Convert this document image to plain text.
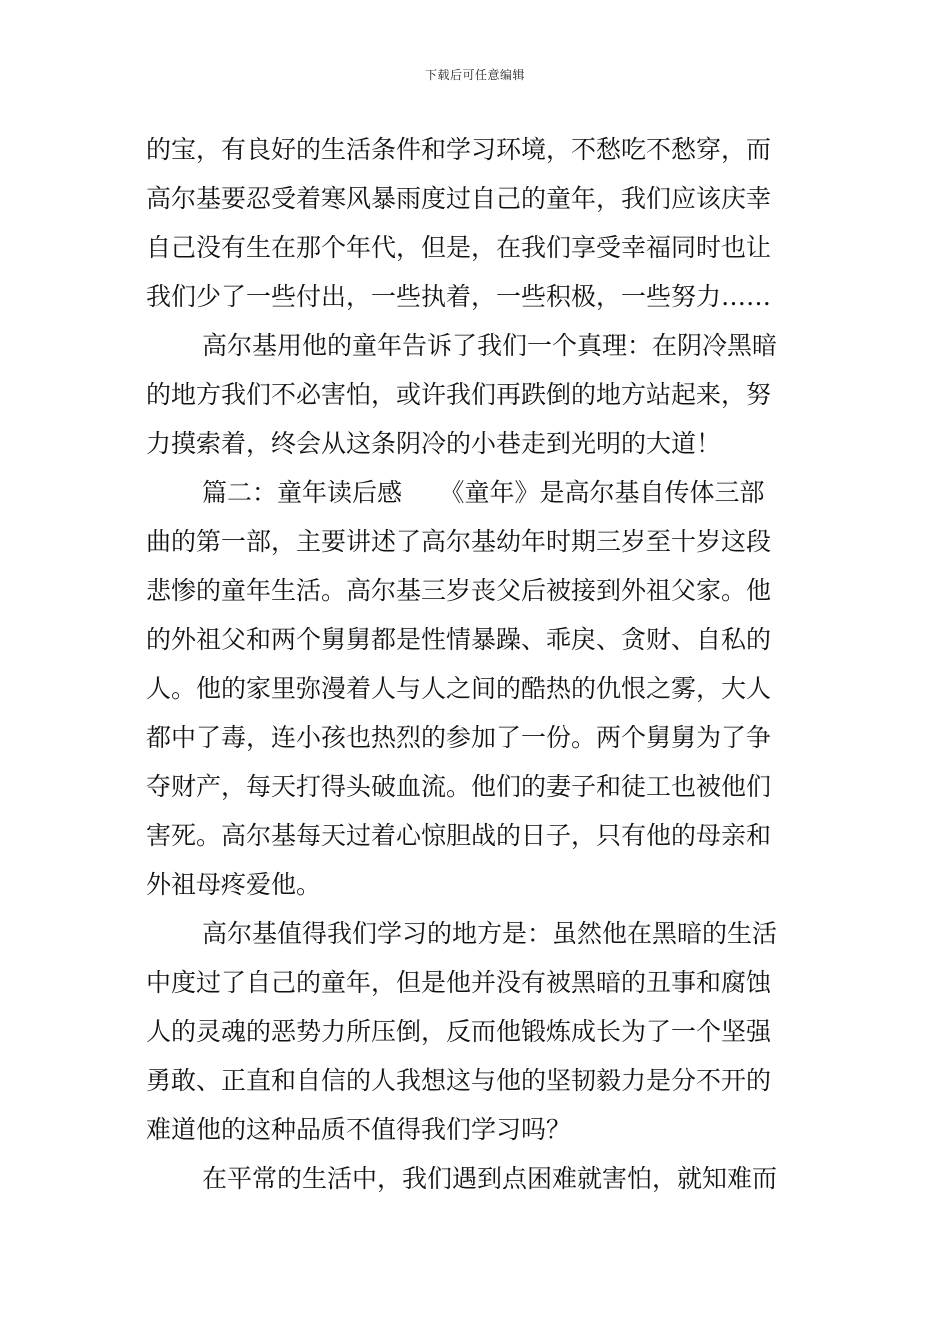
下载后可任意编辑
的宝，有良好的生活条件和学习环境，不愁吃不愁穿，而
高尔基要忍受着寒风暴雨度过自己的童年，我们应该庆幸
自己没有生在那个年代，但是，在我们享受幸福同时也让
我们少了一些付出，一些执着，一些积极，一些努力……
高尔基用他的童年告诉了我们一个真理：在阴冷黑暗
的地方我们不必害怕，或许我们再跌倒的地方站起来，努
力摸索着，终会从这条阴冷的小巷走到光明的大道！
篇二：童年读后感　　《童年》是高尔基自传体三部
曲的第一部，主要讲述了高尔基幼年时期三岁至十岁这段
悲惨的童年生活。高尔基三岁丧父后被接到外祖父家。他
的外祖父和两个舅舅都是性情暴躁、乖戾、贪财、自私的
人。他的家里弥漫着人与人之间的酷热的仇恨之雾，大人
都中了毒，连小孩也热烈的参加了一份。两个舅舅为了争
夺财产，每天打得头破血流。他们的妻子和徒工也被他们
害死。高尔基每天过着心惊胆战的日子，只有他的母亲和
外祖母疼爱他。
高尔基值得我们学习的地方是：虽然他在黑暗的生活
中度过了自己的童年，但是他并没有被黑暗的丑事和腐蚀
人的灵魂的恶势力所压倒，反而他锻炼成长为了一个坚强
勇敢、正直和自信的人我想这与他的坚韧毅力是分不开的
难道他的这种品质不值得我们学习吗？
在平常的生活中，我们遇到点困难就害怕，就知难而
